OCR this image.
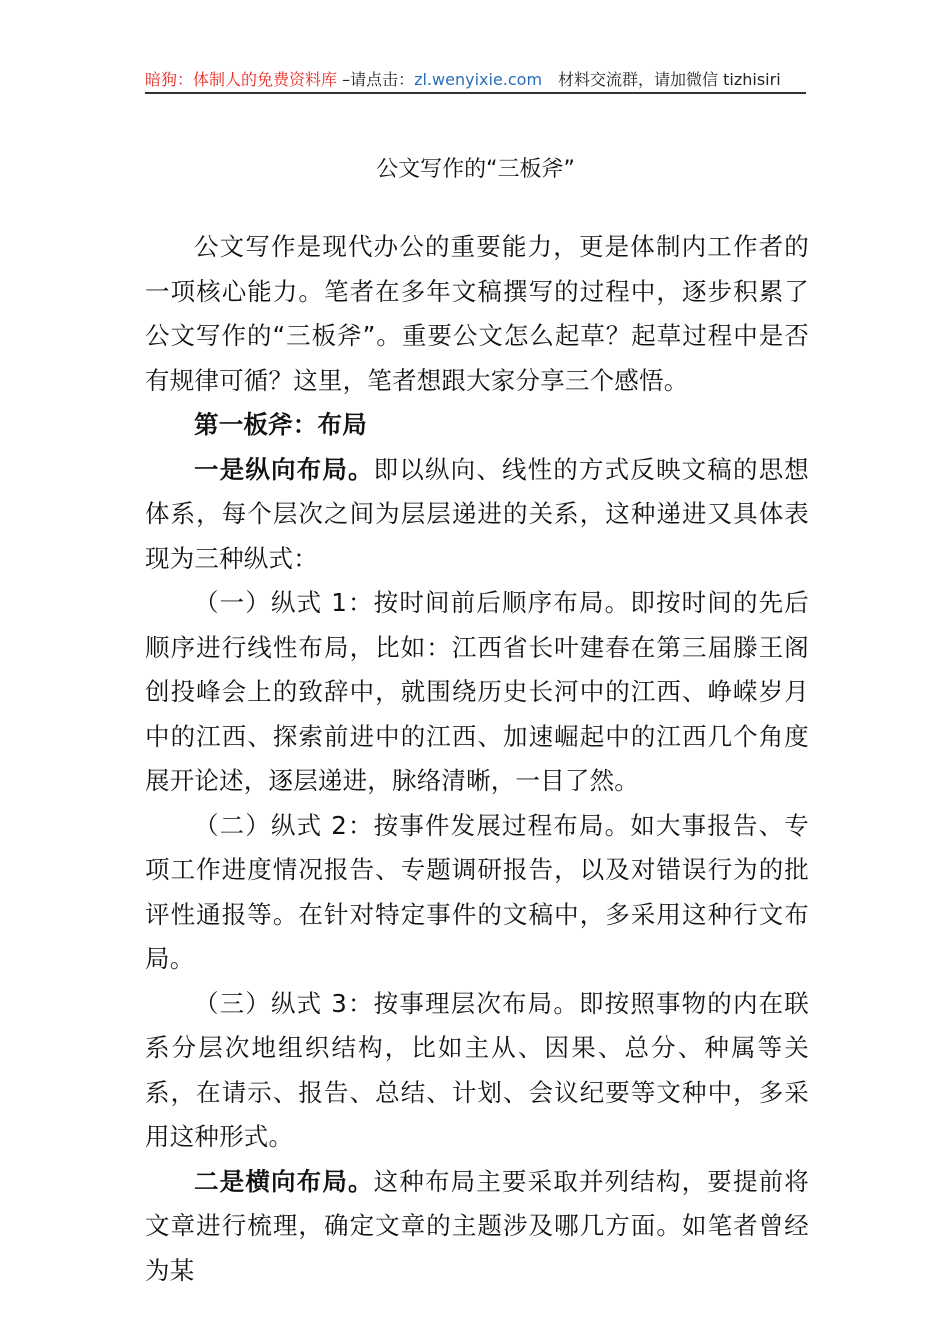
暗狗：体制人的免费资料库 –请点击：zl.wenyixie.com 材料交流群，请加微信 tizhisiri
公文写作的“三板斧”

公文写作是现代办公的重要能力，更是体制内工作者的一项核心能力。笔者在多年文稿撰写的过程中，逐步积累了公文写作的“三板斧”。重要公文怎么起草？起草过程中是否有规律可循？这里，笔者想跟大家分享三个感悟。

第一板斧：布局

一是纵向布局。即以纵向、线性的方式反映文稿的思想体系，每个层次之间为层层递进的关系，这种递进又具体表现为三种纵式：

（一）纵式 1：按时间前后顺序布局。即按时间的先后顺序进行线性布局，比如：江西省长叶建春在第三届滕王阁创投峰会上的致辞中，就围绕历史长河中的江西、峥嵘岁月中的江西、探索前进中的江西、加速崛起中的江西几个角度展开论述，逐层递进，脉络清晰，一目了然。

（二）纵式 2：按事件发展过程布局。如大事报告、专项工作进度情况报告、专题调研报告，以及对错误行为的批评性通报等。在针对特定事件的文稿中，多采用这种行文布局。

（三）纵式 3：按事理层次布局。即按照事物的内在联系分层次地组织结构，比如主从、因果、总分、种属等关系，在请示、报告、总结、计划、会议纪要等文种中，多采用这种形式。

二是横向布局。这种布局主要采取并列结构，要提前将文章进行梳理，确定文章的主题涉及哪几方面。如笔者曾经为某
